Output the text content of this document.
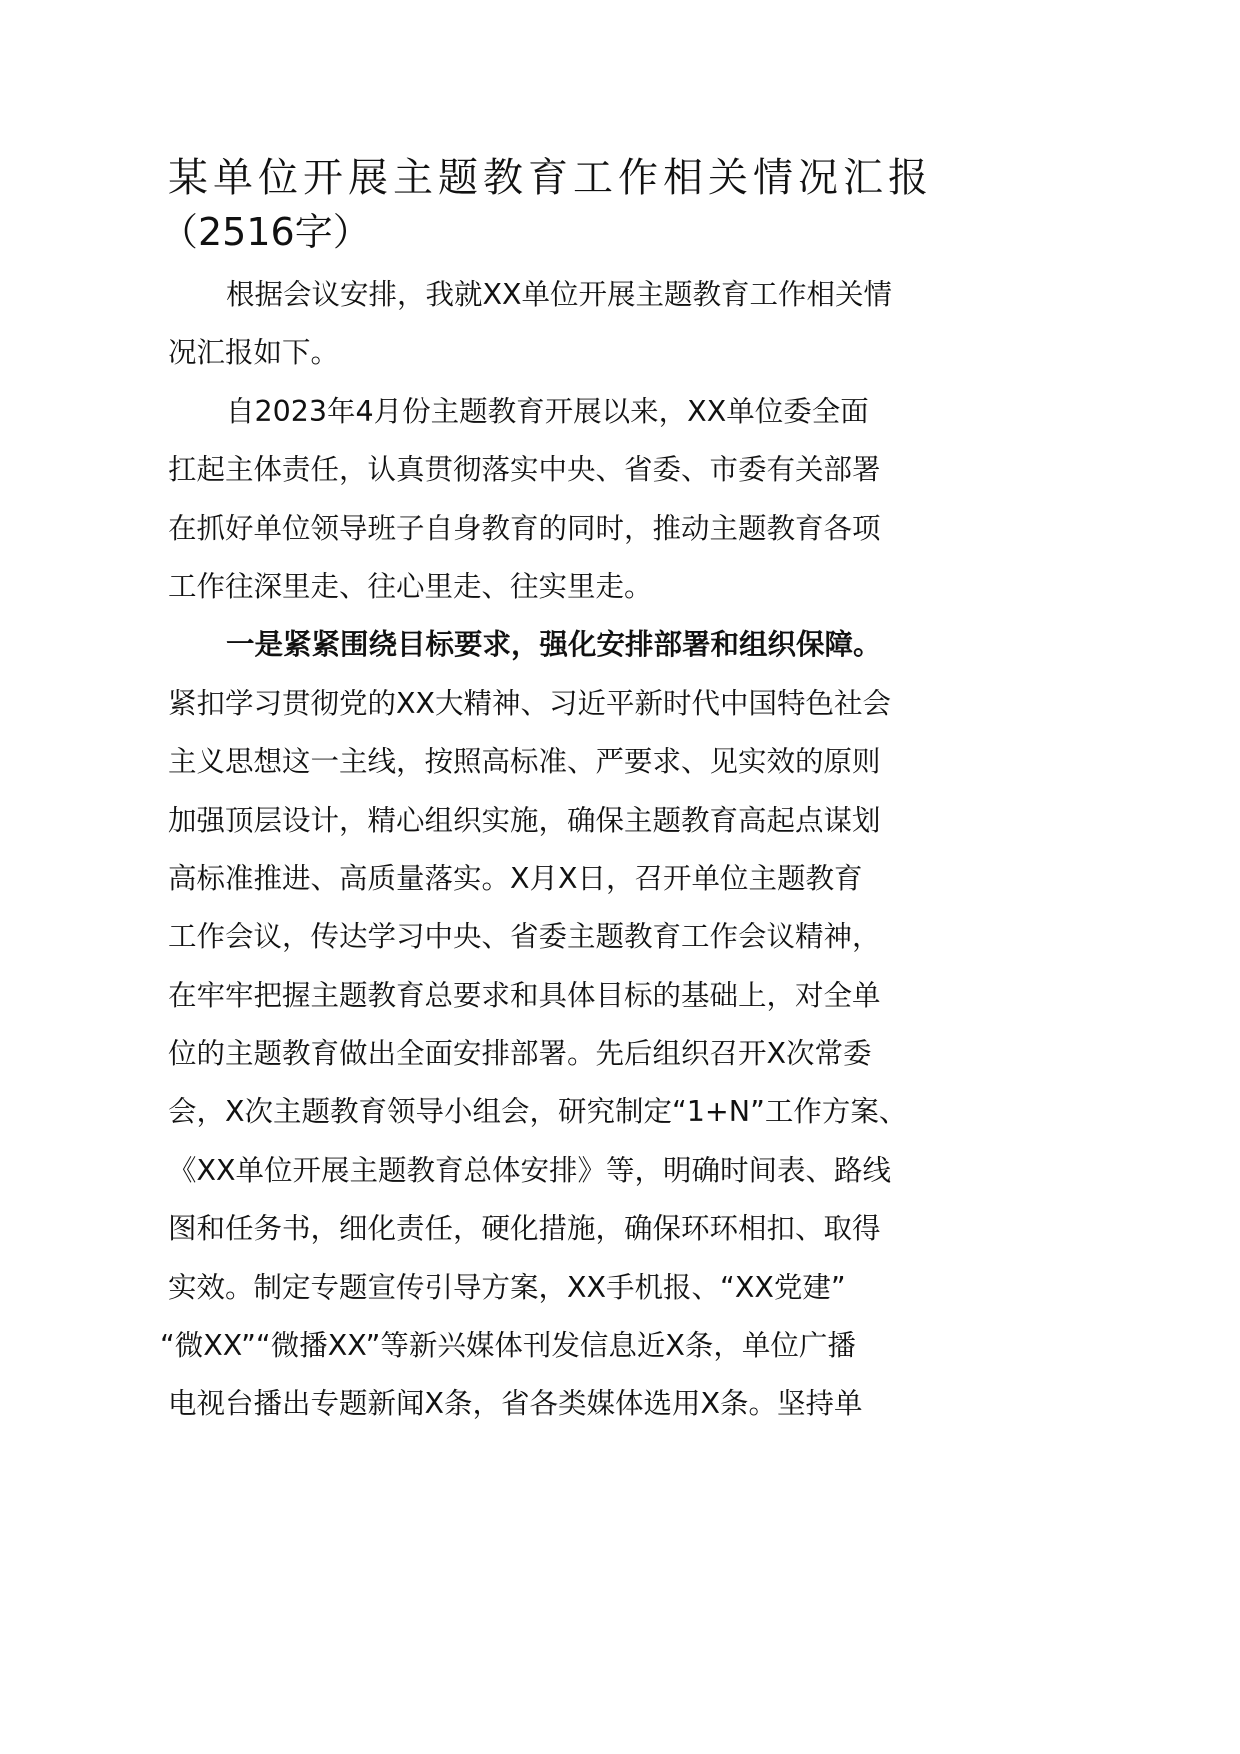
某单位开展主题教育工作相关情况汇报
（2516字）
根据会议安排，我就XX单位开展主题教育工作相关情
况汇报如下。
自2023年4月份主题教育开展以来，XX单位委全面
扛起主体责任，认真贯彻落实中央、省委、市委有关部署
在抓好单位领导班子自身教育的同时，推动主题教育各项
工作往深里走、往心里走、往实里走。
一是紧紧围绕目标要求，强化安排部署和组织保障。
紧扣学习贯彻党的XX大精神、习近平新时代中国特色社会
主义思想这一主线，按照高标准、严要求、见实效的原则
加强顶层设计，精心组织实施，确保主题教育高起点谋划
高标准推进、高质量落实。X月X日，召开单位主题教育
工作会议，传达学习中央、省委主题教育工作会议精神，
在牢牢把握主题教育总要求和具体目标的基础上，对全单
位的主题教育做出全面安排部署。先后组织召开X次常委
会，X次主题教育领导小组会，研究制定“1+N”工作方案、
《XX单位开展主题教育总体安排》等，明确时间表、路线
图和任务书，细化责任，硬化措施，确保环环相扣、取得
实效。制定专题宣传引导方案，XX手机报、“XX党建”
“微XX”“微播XX”等新兴媒体刊发信息近X条，单位广播
电视台播出专题新闻X条，省各类媒体选用X条。坚持单
